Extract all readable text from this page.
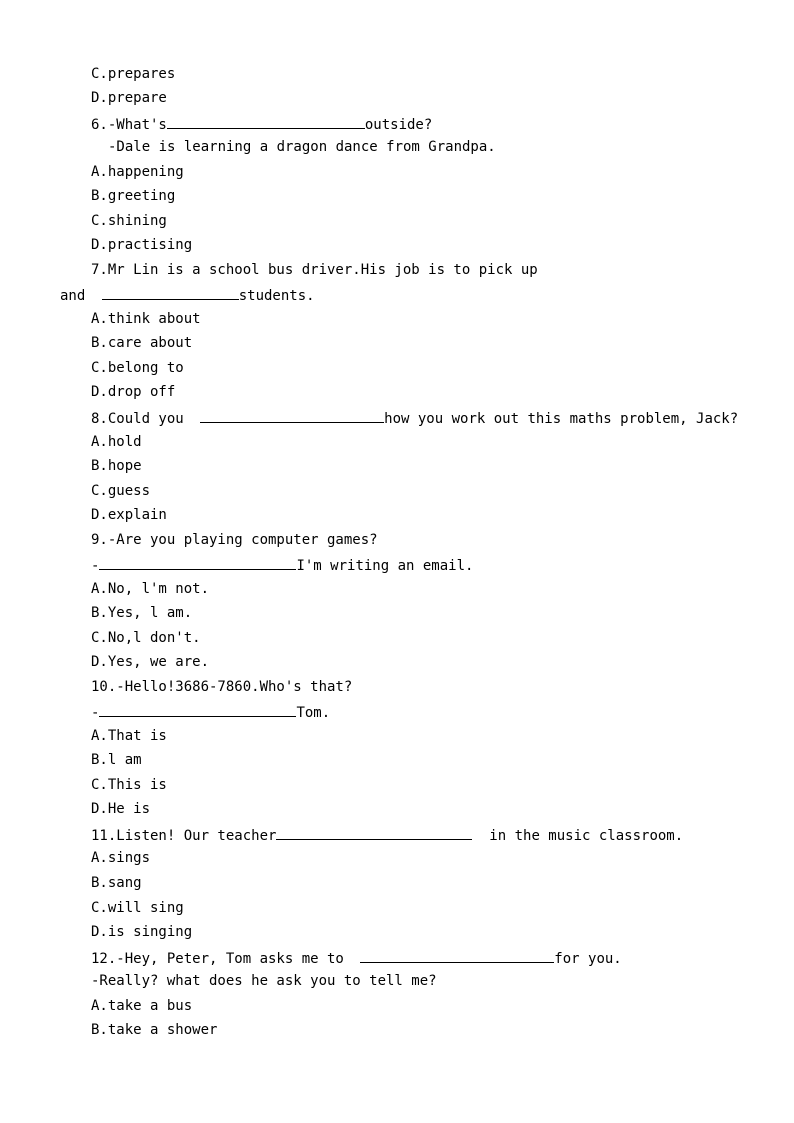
C.prepares
D.prepare
6.-What's	outside?
-Dale is learning a dragon dance from Grandpa.
A.happening
B.greeting
C.shining
D.practising
7.Mr Lin is a school bus driver.His job is to pick up
and	students.
A.think about
B.care about
C.belong to
D.drop off
8.Could you	how you work out this maths problem, Jack?
A.hold
B.hope
C.guess
D.explain
9.-Are you playing computer games?
-	I'm writing an email.
A.No, l'm not.
B.Yes, l am.
C.No,l don't.
D.Yes, we are.
10.-Hello!3686-7860.Who's that?
-	Tom.
A.That is
B.l am
C.This is
D.He is
11.Listen! Our teacher	in the music classroom.
A.sings
B.sang
C.will sing
D.is singing
12.-Hey, Peter, Tom asks me to	for you.
-Really? what does he ask you to tell me?
A.take a bus
B.take a shower
